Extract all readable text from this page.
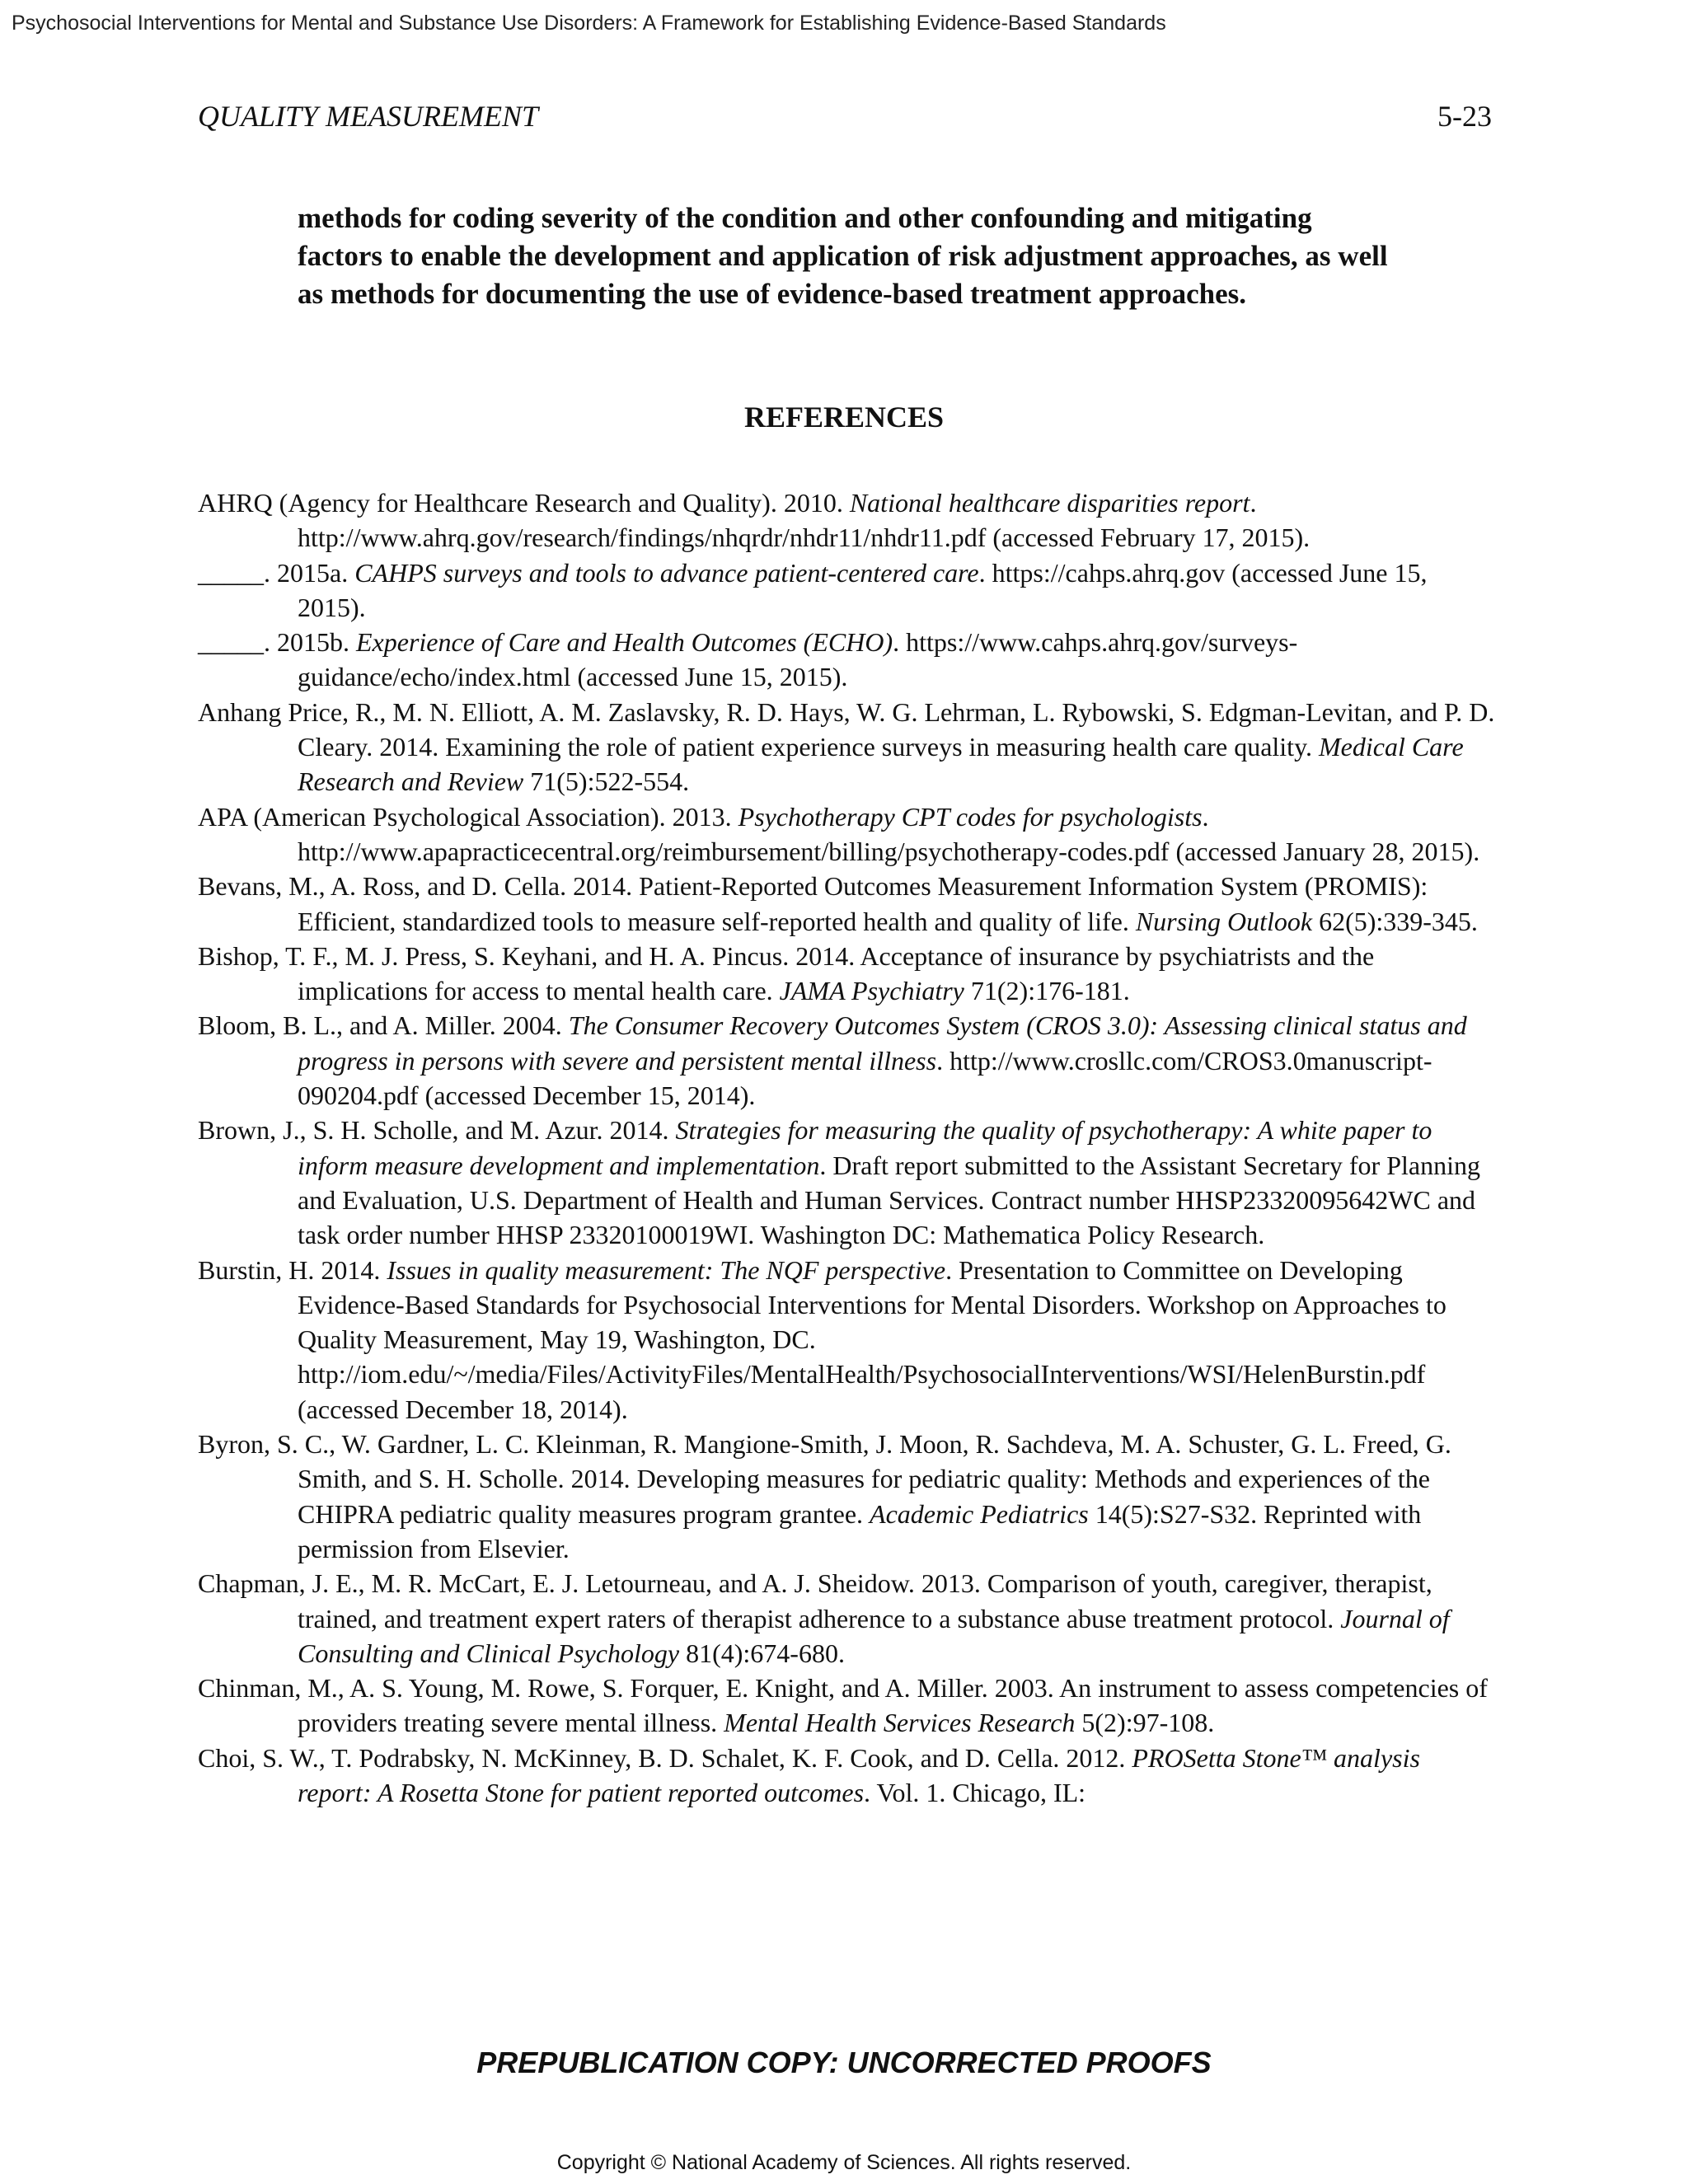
Psychosocial Interventions for Mental and Substance Use Disorders: A Framework for Establishing Evidence-Based Standards
QUALITY MEASUREMENT	5-23
methods for coding severity of the condition and other confounding and mitigating factors to enable the development and application of risk adjustment approaches, as well as methods for documenting the use of evidence-based treatment approaches.
REFERENCES
AHRQ (Agency for Healthcare Research and Quality). 2010. National healthcare disparities report. http://www.ahrq.gov/research/findings/nhqrdr/nhdr11/nhdr11.pdf (accessed February 17, 2015).
_____. 2015a. CAHPS surveys and tools to advance patient-centered care. https://cahps.ahrq.gov (accessed June 15, 2015).
_____. 2015b. Experience of Care and Health Outcomes (ECHO). https://www.cahps.ahrq.gov/surveys-guidance/echo/index.html (accessed June 15, 2015).
Anhang Price, R., M. N. Elliott, A. M. Zaslavsky, R. D. Hays, W. G. Lehrman, L. Rybowski, S. Edgman-Levitan, and P. D. Cleary. 2014. Examining the role of patient experience surveys in measuring health care quality. Medical Care Research and Review 71(5):522-554.
APA (American Psychological Association). 2013. Psychotherapy CPT codes for psychologists. http://www.apapracticecentral.org/reimbursement/billing/psychotherapy-codes.pdf (accessed January 28, 2015).
Bevans, M., A. Ross, and D. Cella. 2014. Patient-Reported Outcomes Measurement Information System (PROMIS): Efficient, standardized tools to measure self-reported health and quality of life. Nursing Outlook 62(5):339-345.
Bishop, T. F., M. J. Press, S. Keyhani, and H. A. Pincus. 2014. Acceptance of insurance by psychiatrists and the implications for access to mental health care. JAMA Psychiatry 71(2):176-181.
Bloom, B. L., and A. Miller. 2004. The Consumer Recovery Outcomes System (CROS 3.0): Assessing clinical status and progress in persons with severe and persistent mental illness. http://www.crosllc.com/CROS3.0manuscript-090204.pdf (accessed December 15, 2014).
Brown, J., S. H. Scholle, and M. Azur. 2014. Strategies for measuring the quality of psychotherapy: A white paper to inform measure development and implementation. Draft report submitted to the Assistant Secretary for Planning and Evaluation, U.S. Department of Health and Human Services. Contract number HHSP23320095642WC and task order number HHSP 23320100019WI. Washington DC: Mathematica Policy Research.
Burstin, H. 2014. Issues in quality measurement: The NQF perspective. Presentation to Committee on Developing Evidence-Based Standards for Psychosocial Interventions for Mental Disorders. Workshop on Approaches to Quality Measurement, May 19, Washington, DC. http://iom.edu/~/media/Files/ActivityFiles/MentalHealth/PsychosocialInterventions/WSI/HelenBurstin.pdf (accessed December 18, 2014).
Byron, S. C., W. Gardner, L. C. Kleinman, R. Mangione-Smith, J. Moon, R. Sachdeva, M. A. Schuster, G. L. Freed, G. Smith, and S. H. Scholle. 2014. Developing measures for pediatric quality: Methods and experiences of the CHIPRA pediatric quality measures program grantee. Academic Pediatrics 14(5):S27-S32. Reprinted with permission from Elsevier.
Chapman, J. E., M. R. McCart, E. J. Letourneau, and A. J. Sheidow. 2013. Comparison of youth, caregiver, therapist, trained, and treatment expert raters of therapist adherence to a substance abuse treatment protocol. Journal of Consulting and Clinical Psychology 81(4):674-680.
Chinman, M., A. S. Young, M. Rowe, S. Forquer, E. Knight, and A. Miller. 2003. An instrument to assess competencies of providers treating severe mental illness. Mental Health Services Research 5(2):97-108.
Choi, S. W., T. Podrabsky, N. McKinney, B. D. Schalet, K. F. Cook, and D. Cella. 2012. PROSetta Stone™ analysis report: A Rosetta Stone for patient reported outcomes. Vol. 1. Chicago, IL:
PREPUBLICATION COPY: UNCORRECTED PROOFS
Copyright © National Academy of Sciences. All rights reserved.
